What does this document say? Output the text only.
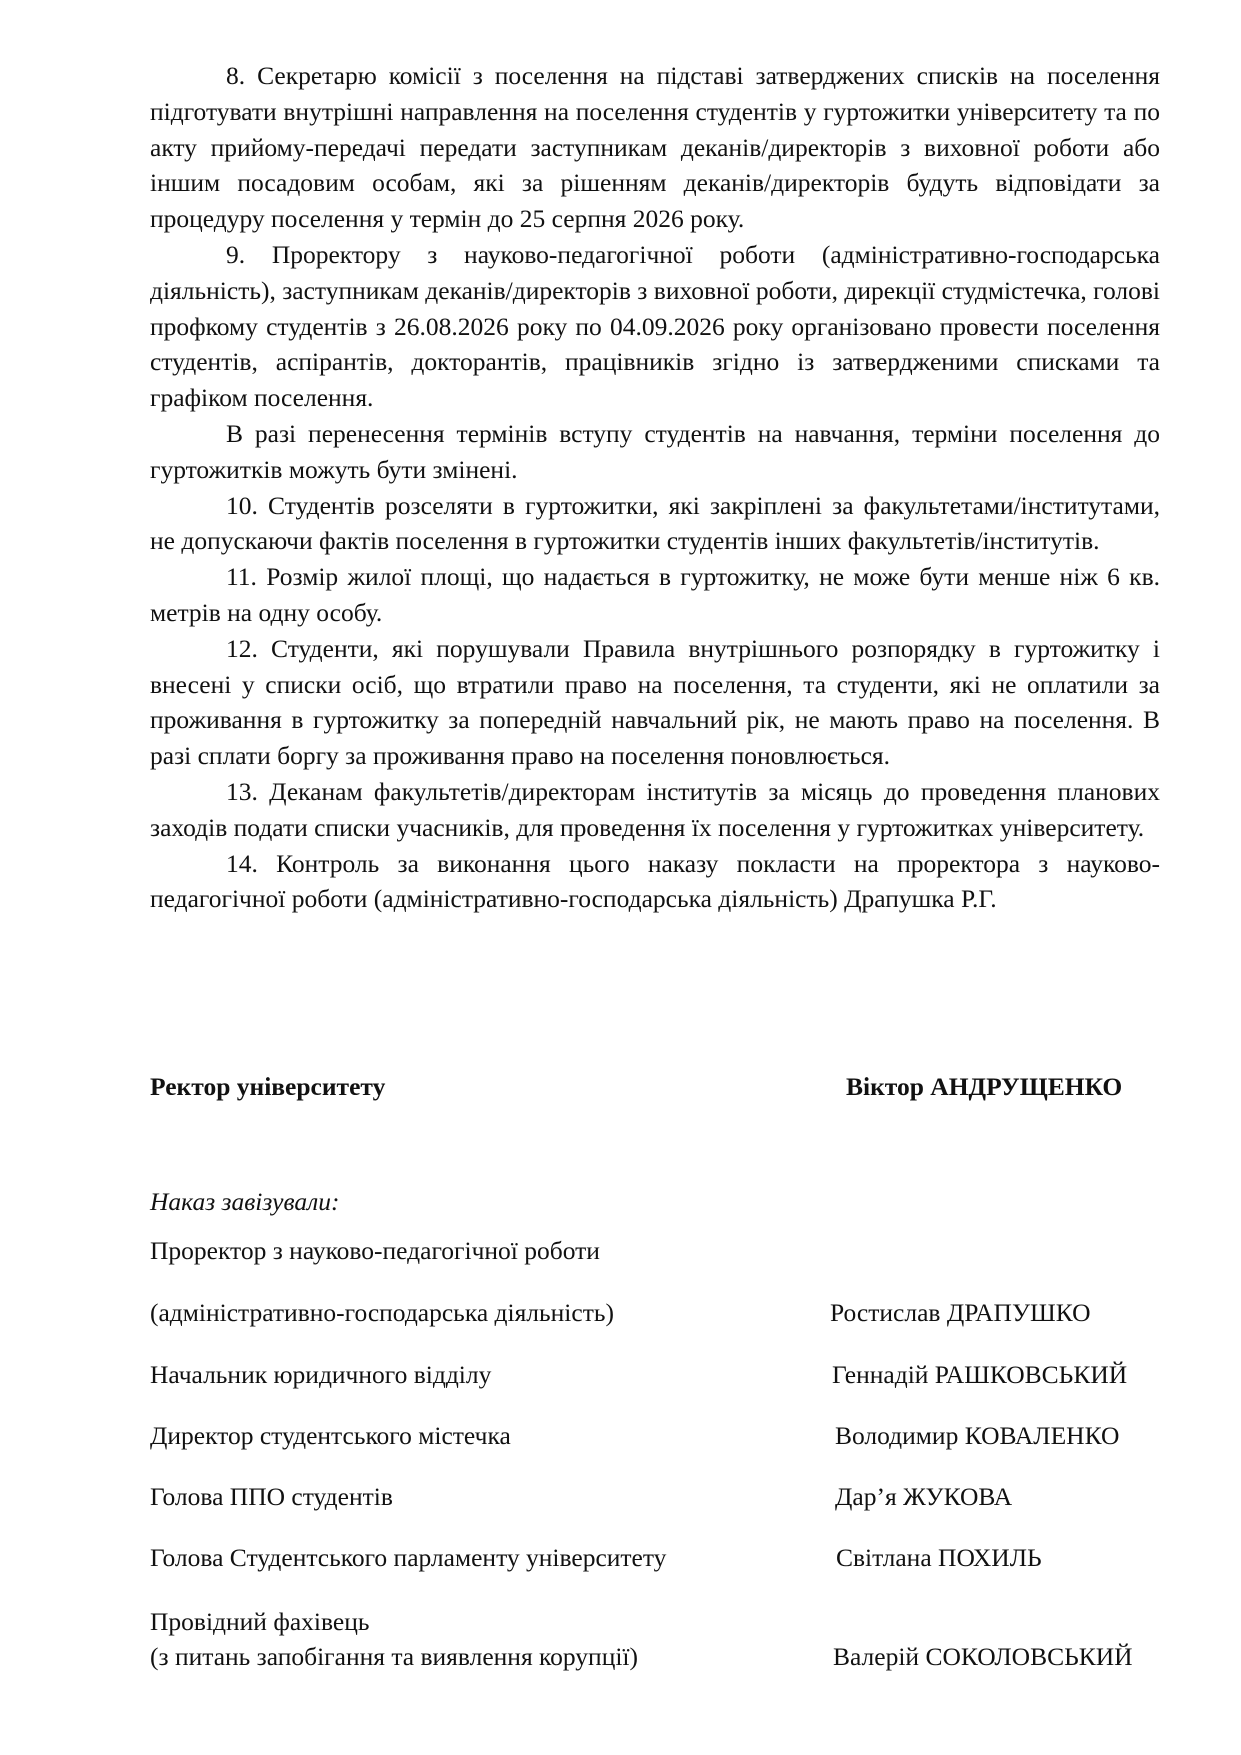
8. Секретарю комісії з поселення на підставі затверджених списків на поселення підготувати внутрішні направлення на поселення студентів у гуртожитки університету та по акту прийому-передачі передати заступникам деканів/директорів з виховної роботи або іншим посадовим особам, які за рішенням деканів/директорів будуть відповідати за процедуру поселення у термін до 25 серпня 2026 року.

9. Проректору з науково-педагогічної роботи (адміністративно-господарська діяльність), заступникам деканів/директорів з виховної роботи, дирекції студмістечка, голові профкому студентів з 26.08.2026 року по 04.09.2026 року організовано провести поселення студентів, аспірантів, докторантів, працівників згідно із затвердженими списками та графіком поселення.

В разі перенесення термінів вступу студентів на навчання, терміни поселення до гуртожитків можуть бути змінені.

10. Студентів розселяти в гуртожитки, які закріплені за факультетами/інститутами, не допускаючи фактів поселення в гуртожитки студентів інших факультетів/інститутів.

11. Розмір жилої площі, що надається в гуртожитку, не може бути менше ніж 6 кв. метрів на одну особу.

12. Студенти, які порушували Правила внутрішнього розпорядку в гуртожитку і внесені у списки осіб, що втратили право на поселення, та студенти, які не оплатили за проживання в гуртожитку за попередній навчальний рік, не мають право на поселення. В разі сплати боргу за проживання право на поселення поновлюється.

13. Деканам факультетів/директорам інститутів за місяць до проведення планових заходів подати списки учасників, для проведення їх поселення у гуртожитках університету.

14. Контроль за виконання цього наказу покласти на проректора з науково-педагогічної роботи (адміністративно-господарська діяльність) Драпушка Р.Г.

Ректор університету	Віктор АНДРУЩЕНКО
Наказ завізували:
Проректор з науково-педагогічної роботи
(адміністративно-господарська діяльність)	Ростислав ДРАПУШКО
Начальник юридичного відділу	Геннадій РАШКОВСЬКИЙ
Директор студентського містечка	Володимир КОВАЛЕНКО
Голова ППО студентів	Дар’я ЖУКОВА
Голова Студентського парламенту університету	Світлана ПОХИЛЬ
Провідний фахівець
(з питань запобігання та виявлення корупції)	Валерій СОКОЛОВСЬКИЙ
